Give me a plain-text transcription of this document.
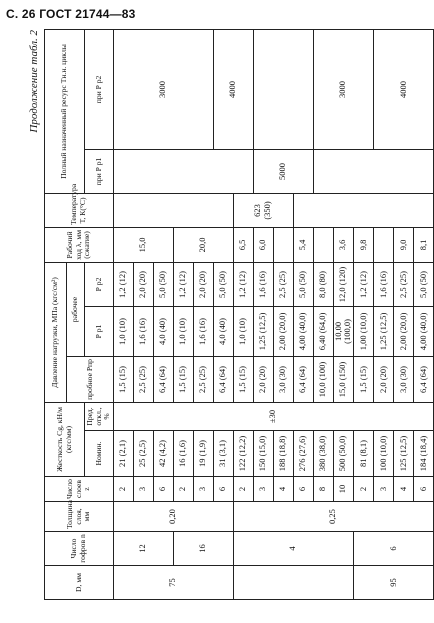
С. 26 ГОСТ 21744—83
Продолжение табл. 2
D, мм	Число гофров n	Толщина слоя, мм	Число слоев z	Жесткость Cg, кН/м (кгс/мм)		Давление нагрузки, МПа (кгс/см²)			Рабочий ход λ, мм (сжатие)	Температура Т, К(°С)	Полный назначенный ресурс Тн.н. циклы	
						пробное Рпр	рабочее					
				Номин.	Пред. откл., %		Р р1	Р р2			при Р р1	при Р р2
75	12	0,20	2	21 (2,1)	±30	1,5 (15)	1,0 (10)	1,2 (12)	15,0			3000
			3	25 (2,5)		2,5 (25)	1,6 (16)	2,0 (20)				
			6	42 (4,2)		6,4 (64)	4,0 (40)	5,0 (50)				
	16		2	16 (1,6)		1,5 (15)	1,0 (10)	1,2 (12)	20,0			
			3	19 (1,9)		2,5 (25)	1,6 (16)	2,0 (20)				
			6	31 (3,1)		6,4 (64)	4,0 (40)	5,0 (50)				4000
	4	0,25	2	122 (12,2)		1,5 (15)	1,0 (10)	1,2 (12)	6,5	623
(350)		
			3	150 (15,0)		2,0 (20)	1,25 (12,5)	1,6 (16)	6,0		5000	
			4	188 (18,8)		3,0 (30)	2,00 (20,0)	2,5 (25)				
			6	276 (27,6)		6,4 (64)	4,00 (40,0)	5,0 (50)	5,4			
			8	380 (38,0)		10,0 (100)	6,40 (64,0)	8,0 (80)				3000
			10	500 (50,0)		15,0 (150)	10,00 (100,0)	12,0 (120)	3,6			
95	6		2	81 (8,1)		1,5 (15)	1,00 (10,0)	1,2 (12)	9,8			
			3	100 (10,0)		2,0 (20)	1,25 (12,5)	1,6 (16)				4000
			4	125 (12,5)		3,0 (30)	2,00 (20,0)	2,5 (25)	9,0			
			6	184 (18,4)		6,4 (64)	4,00 (40,0)	5,0 (50)	8,1			
